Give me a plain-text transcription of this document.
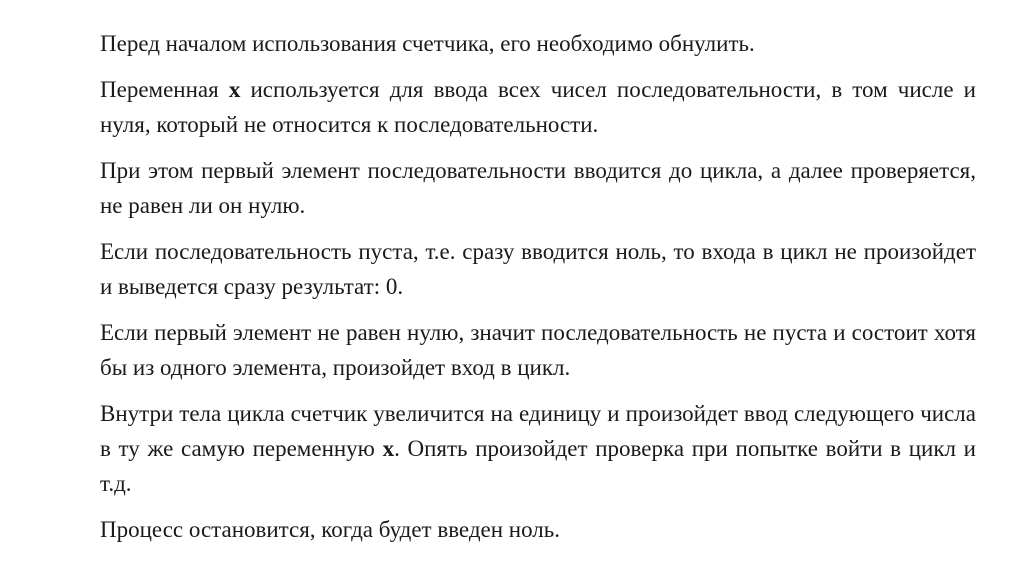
Перед началом использования счетчика, его необходимо обнулить.

Переменная x используется для ввода всех чисел последовательности, в том числе и нуля, который не относится к последовательности.

При этом первый элемент последовательности вводится до цикла, а далее проверяется, не равен ли он нулю.

Если последовательность пуста, т.е. сразу вводится ноль, то входа в цикл не произойдет и выведется сразу результат: 0.

Если первый элемент не равен нулю, значит последовательность не пуста и состоит хотя бы из одного элемента, произойдет вход в цикл.

Внутри тела цикла счетчик увеличится на единицу и произойдет ввод следующего числа в ту же самую переменную x. Опять произойдет проверка при попытке войти в цикл и т.д.

Процесс остановится, когда будет введен ноль.
